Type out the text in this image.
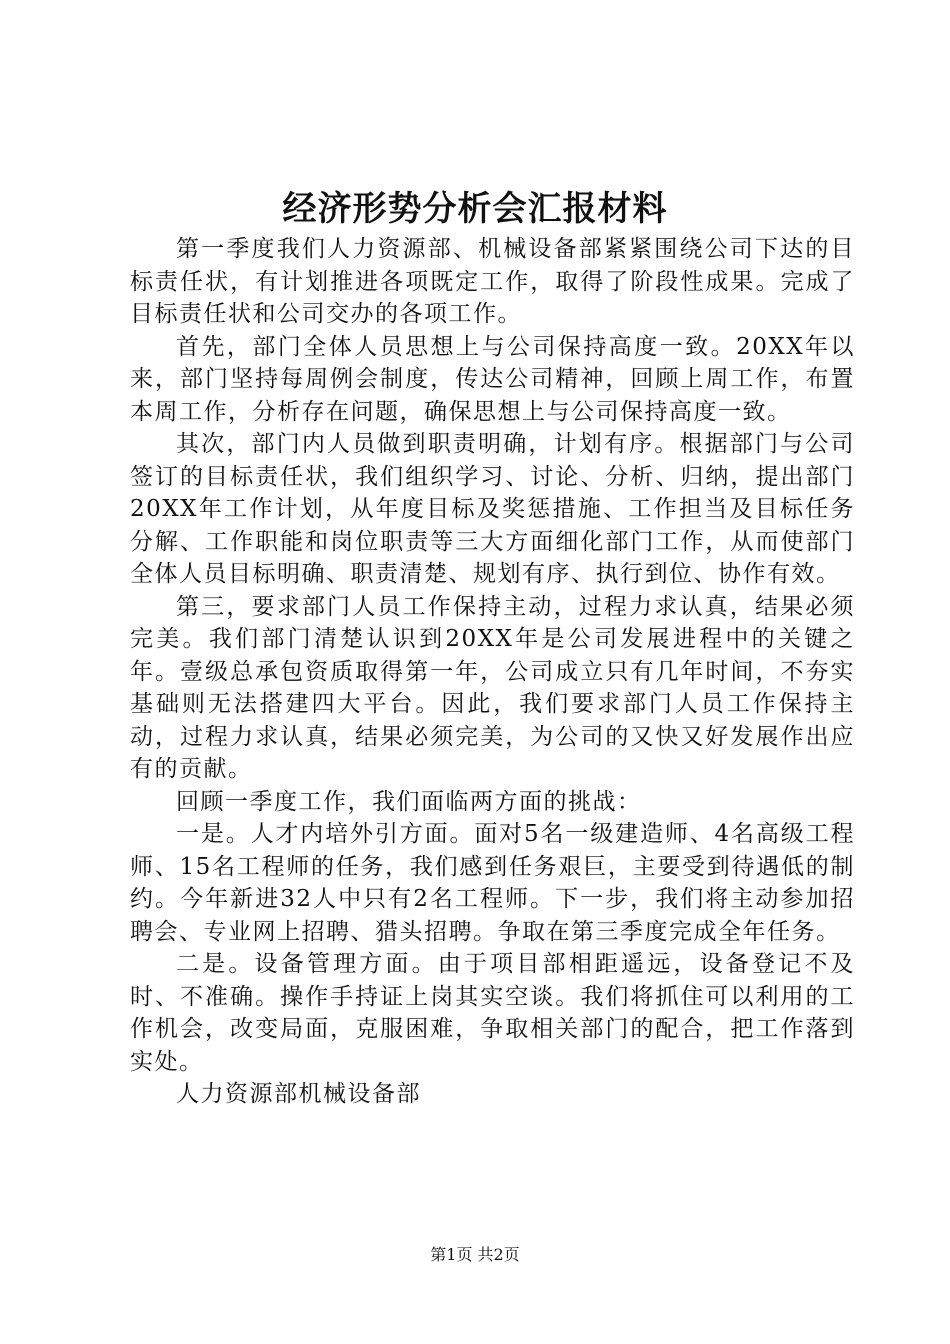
经济形势分析会汇报材料

第一季度我们人力资源部、机械设备部紧紧围绕公司下达的目标责任状，有计划推进各项既定工作，取得了阶段性成果。完成了目标责任状和公司交办的各项工作。

首先，部门全体人员思想上与公司保持高度一致。20XX年以来，部门坚持每周例会制度，传达公司精神，回顾上周工作，布置本周工作，分析存在问题，确保思想上与公司保持高度一致。

其次，部门内人员做到职责明确，计划有序。根据部门与公司签订的目标责任状，我们组织学习、讨论、分析、归纳，提出部门20XX年工作计划，从年度目标及奖惩措施、工作担当及目标任务分解、工作职能和岗位职责等三大方面细化部门工作，从而使部门全体人员目标明确、职责清楚、规划有序、执行到位、协作有效。

第三，要求部门人员工作保持主动，过程力求认真，结果必须完美。我们部门清楚认识到20XX年是公司发展进程中的关键之年。壹级总承包资质取得第一年，公司成立只有几年时间，不夯实基础则无法搭建四大平台。因此，我们要求部门人员工作保持主动，过程力求认真，结果必须完美，为公司的又快又好发展作出应有的贡献。

回顾一季度工作，我们面临两方面的挑战：

一是。人才内培外引方面。面对5名一级建造师、4名高级工程师、15名工程师的任务，我们感到任务艰巨，主要受到待遇低的制约。今年新进32人中只有2名工程师。下一步，我们将主动参加招聘会、专业网上招聘、猎头招聘。争取在第三季度完成全年任务。

二是。设备管理方面。由于项目部相距遥远，设备登记不及时、不准确。操作手持证上岗其实空谈。我们将抓住可以利用的工作机会，改变局面，克服困难，争取相关部门的配合，把工作落到实处。

人力资源部机械设备部

第1页 共2页
